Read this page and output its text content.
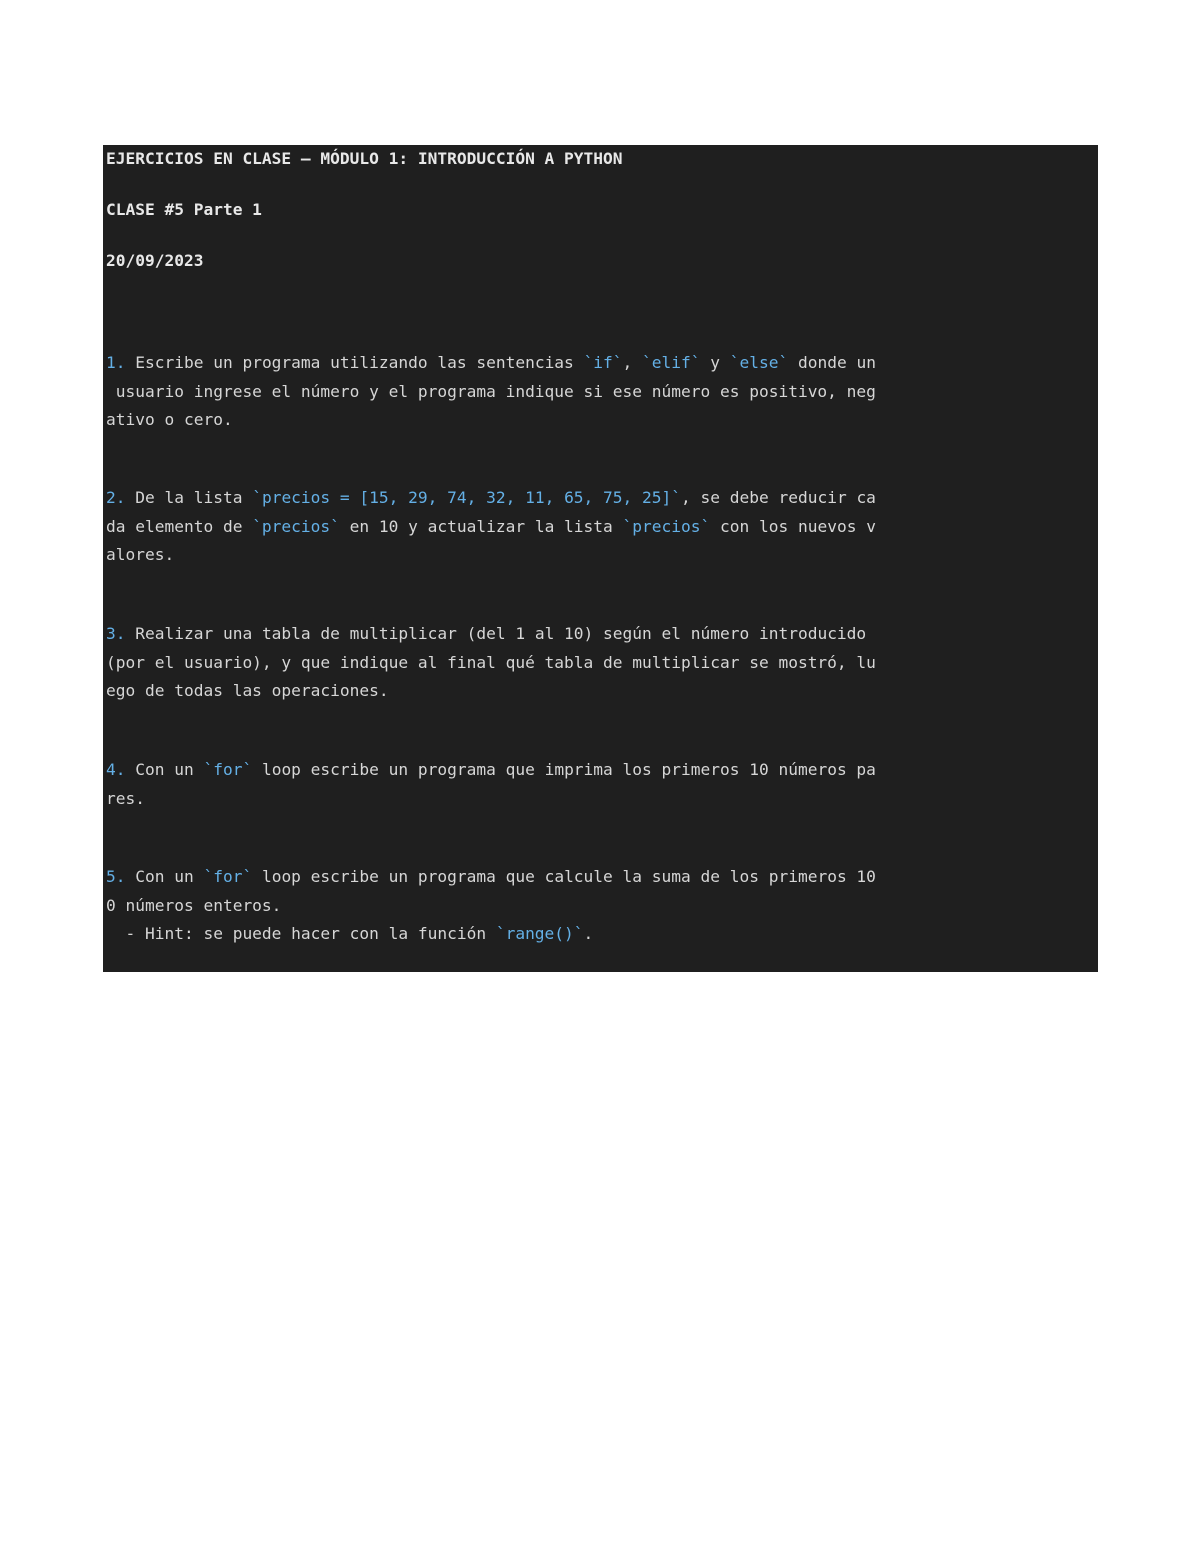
EJERCICIOS EN CLASE — MÓDULO 1: INTRODUCCIÓN A PYTHON
CLASE #5 Parte 1
20/09/2023
1. Escribe un programa utilizando las sentencias `if`, `elif` y `else` donde un
usuario ingrese el número y el programa indique si ese número es positivo, neg
ativo o cero.
2. De la lista `precios = [15, 29, 74, 32, 11, 65, 75, 25]`, se debe reducir ca
da elemento de `precios` en 10 y actualizar la lista `precios` con los nuevos v
alores.
3. Realizar una tabla de multiplicar (del 1 al 10) según el número introducido
(por el usuario), y que indique al final qué tabla de multiplicar se mostró, lu
ego de todas las operaciones.
4. Con un `for` loop escribe un programa que imprima los primeros 10 números pa
res.
5. Con un `for` loop escribe un programa que calcule la suma de los primeros 10
0 números enteros.
- Hint: se puede hacer con la función `range()`.
